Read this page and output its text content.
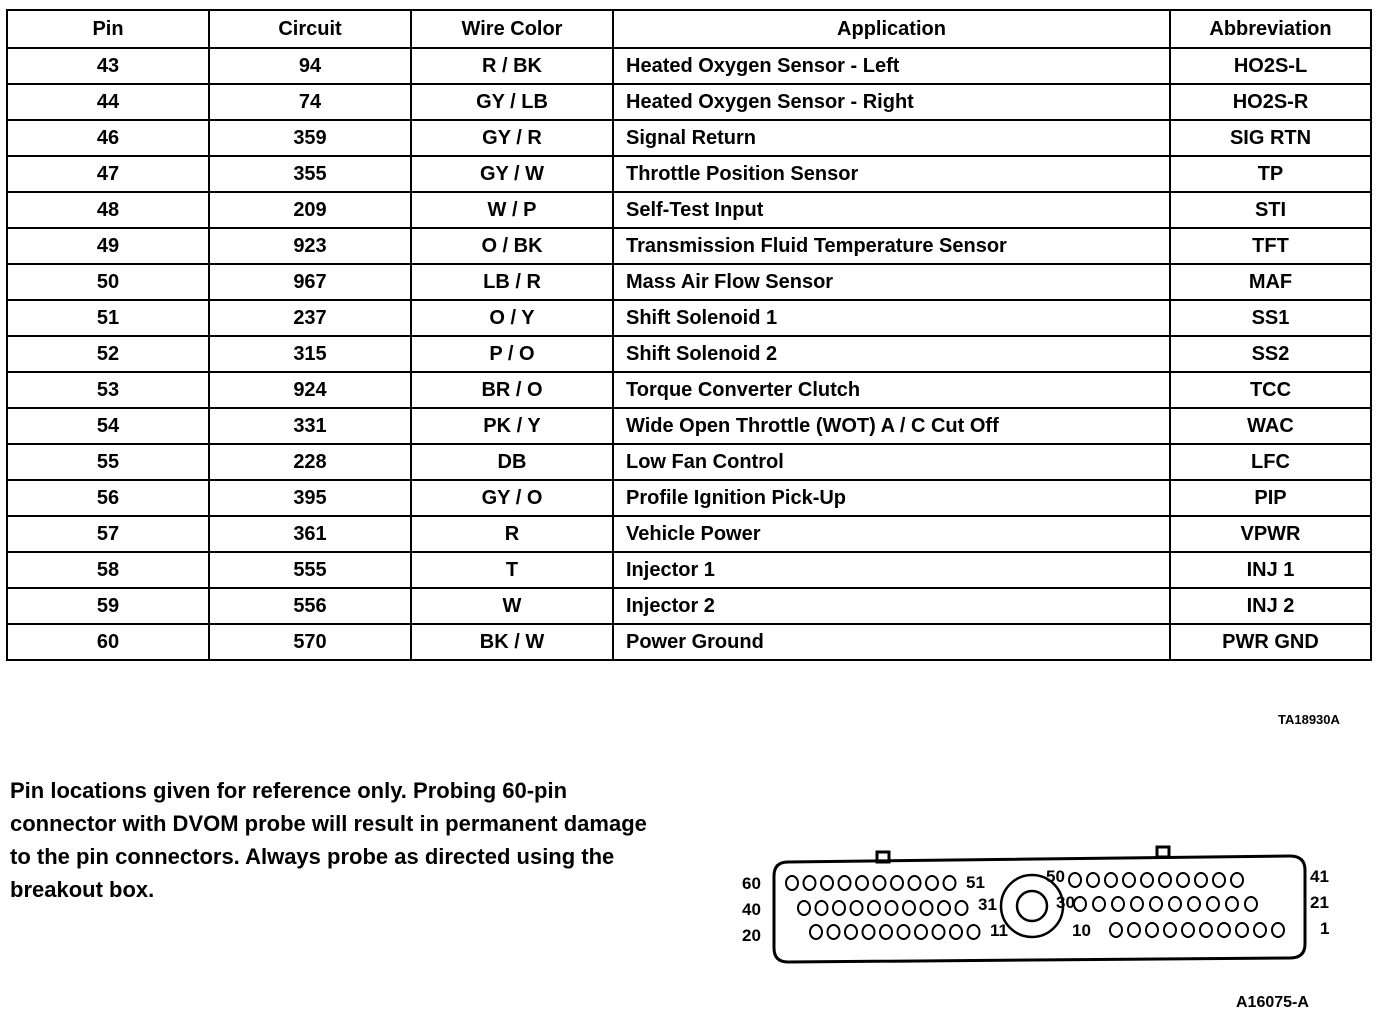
Pin	Circuit	Wire Color	Application	Abbreviation
43	94	R / BK	Heated Oxygen Sensor - Left	HO2S-L
44	74	GY / LB	Heated Oxygen Sensor - Right	HO2S-R
46	359	GY / R	Signal Return	SIG RTN
47	355	GY / W	Throttle Position Sensor	TP
48	209	W / P	Self-Test Input	STI
49	923	O / BK	Transmission Fluid Temperature Sensor	TFT
50	967	LB / R	Mass Air Flow Sensor	MAF
51	237	O / Y	Shift Solenoid 1	SS1
52	315	P / O	Shift Solenoid 2	SS2
53	924	BR / O	Torque Converter Clutch	TCC
54	331	PK / Y	Wide Open Throttle (WOT) A / C Cut Off	WAC
55	228	DB	Low Fan Control	LFC
56	395	GY / O	Profile Ignition Pick-Up	PIP
57	361	R	Vehicle Power	VPWR
58	555	T	Injector 1	INJ 1
59	556	W	Injector 2	INJ 2
60	570	BK / W	Power Ground	PWR GND
TA18930A
Pin locations given for reference only. Probing 60-pin connector with DVOM probe will result in permanent damage to the pin connectors. Always probe as directed using the breakout box.	60
40
20
41
21
1
51
31
11
50
30
10
A16075-A
